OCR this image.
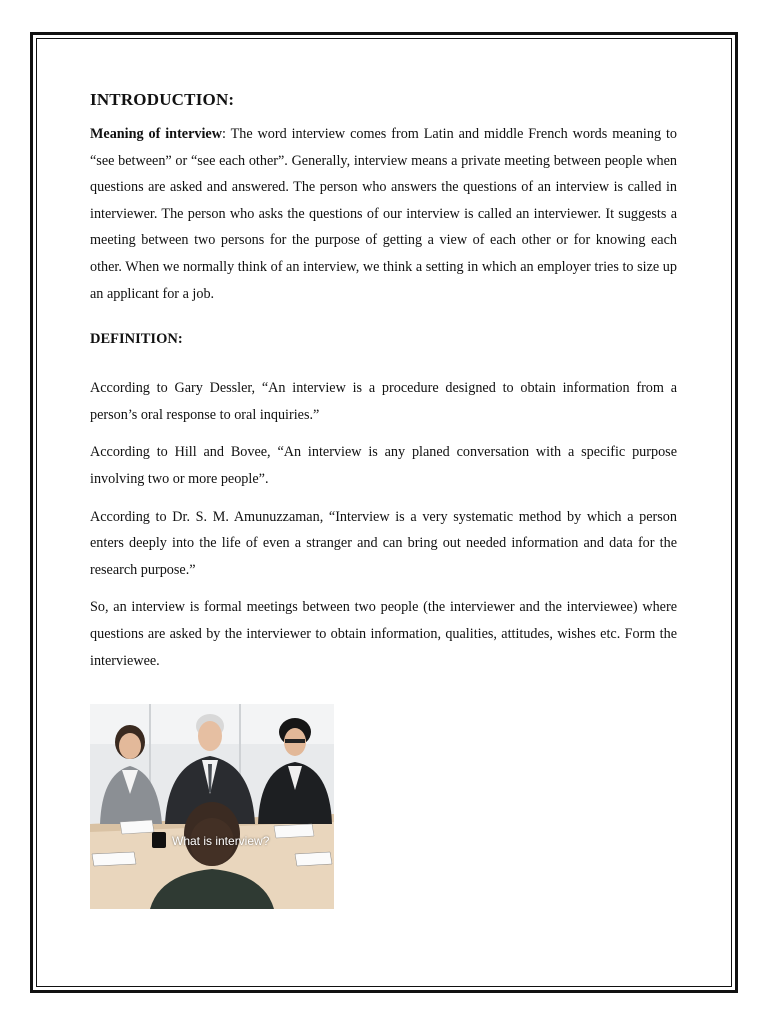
INTRODUCTION:

Meaning of interview: The word interview comes from Latin and middle French words meaning to “see between” or “see each other”. Generally, interview means a private meeting between people when questions are asked and answered. The person who answers the questions of an interview is called in interviewer. The person who asks the questions of our interview is called an interviewer. It suggests a meeting between two persons for the purpose of getting a view of each other or for knowing each other. When we normally think of an interview, we think a setting in which an employer tries to size up an applicant for a job.

DEFINITION:

According to Gary Dessler, “An interview is a procedure designed to obtain information from a person’s oral response to oral inquiries.”

According to Hill and Bovee, “An interview is any planed conversation with a specific purpose involving two or more people”.

According to Dr. S. M. Amunuzzaman, “Interview is a very systematic method by which a person enters deeply into the life of even a stranger and can bring out needed information and data for the research purpose.”

So, an interview is formal meetings between two people (the interviewer and the interviewee) where questions are asked by the interviewer to obtain information, qualities, attitudes, wishes etc. Form the interviewee.

What is interview?
